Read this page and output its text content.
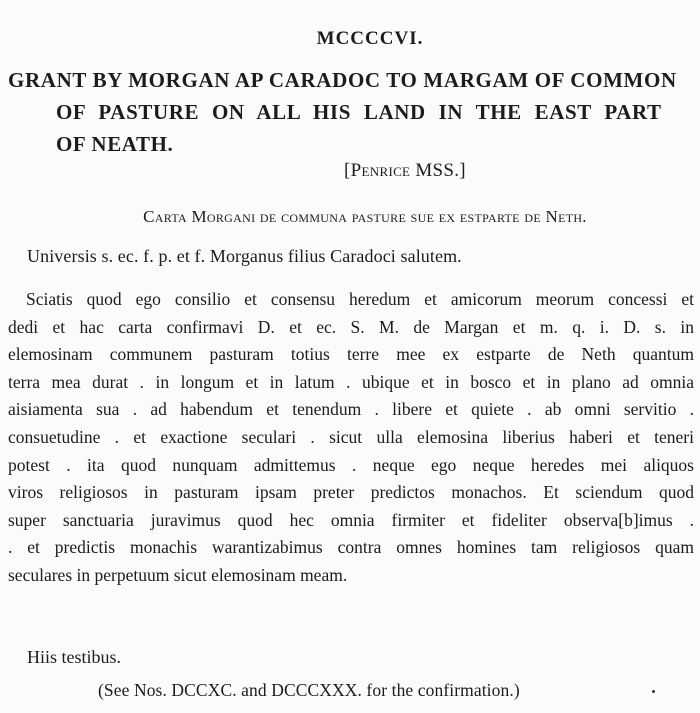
MCCCCVI.
GRANT BY MORGAN AP CARADOC TO MARGAM OF COMMON
OF PASTURE ON ALL HIS LAND IN THE EAST PART
OF NEATH.
[Penrice MSS.]
Carta Morgani de communa pasture sue ex estparte de Neth.
Universis s. ec. f. p. et f. Morganus filius Caradoci salutem.
Sciatis quod ego consilio et consensu heredum et amicorum meorum concessi et
dedi et hac carta confirmavi D. et ec. S. M. de Margan et m. q. i. D. s. in
elemosinam communem pasturam totius terre mee ex estparte de Neth quantum
terra mea durat . in longum et in latum . ubique et in bosco et in plano ad omnia
aisiamenta sua . ad habendum et tenendum . libere et quiete . ab omni servitio .
consuetudine . et exactione seculari . sicut ulla elemosina liberius haberi et teneri
potest . ita quod nunquam admittemus . neque ego neque heredes mei aliquos
viros religiosos in pasturam ipsam preter predictos monachos. Et sciendum quod
super sanctuaria juravimus quod hec omnia firmiter et fideliter observa[b]imus .
. et predictis monachis warantizabimus contra omnes homines tam religiosos quam
seculares in perpetuum sicut elemosinam meam.
Hiis testibus.
(See Nos. DCCXC. and DCCCXXX. for the confirmation.)
